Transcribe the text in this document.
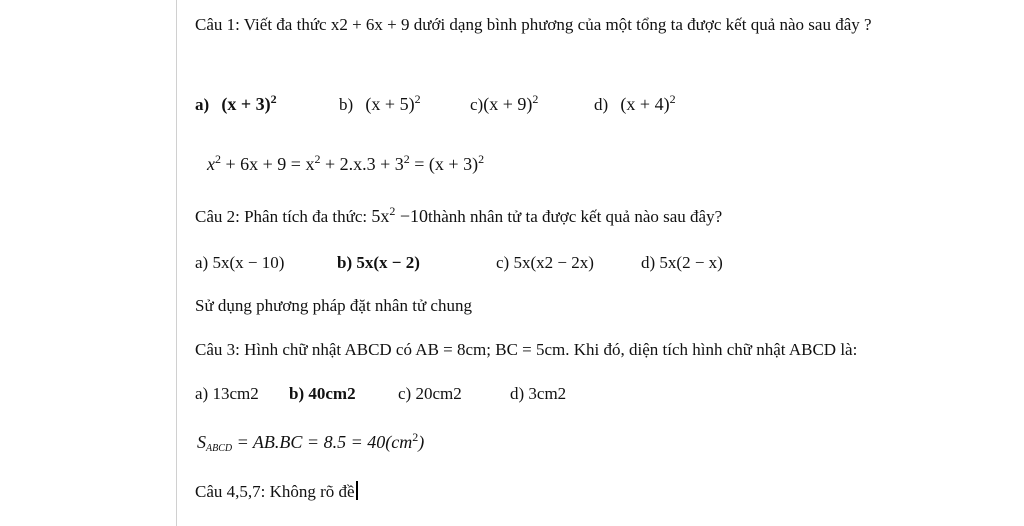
Câu 1: Viết đa thức x2 + 6x + 9 dưới dạng bình phương của một tổng ta được kết quả nào sau đây ?
a) $(x + 3)^2$	b) $(x + 5)^2$	$c)(x + 9)^2$	d) $(x + 4)^2$
$x^2 + 6x + 9 = x^2 + 2.x.3 + 3^2 = (x + 3)^2$
Câu 2: Phân tích đa thức: $5x^2$ −10thành nhân tử ta được kết quả nào sau đây?
a) 5x(x − 10)	b) 5x(x − 2)	c) 5x(x2 − 2x)	d) 5x(2 − x)
Sử dụng phương pháp đặt nhân tử chung
Câu 3: Hình chữ nhật ABCD có AB = 8cm; BC = 5cm. Khi đó, diện tích hình chữ nhật ABCD là:
a) 13cm2 b) 40cm2 c) 20cm2	d) 3cm2
$S_{ABCD} = AB.BC = 8.5 = 40(cm^2)$
Câu 4,5,7: Không rõ đề
